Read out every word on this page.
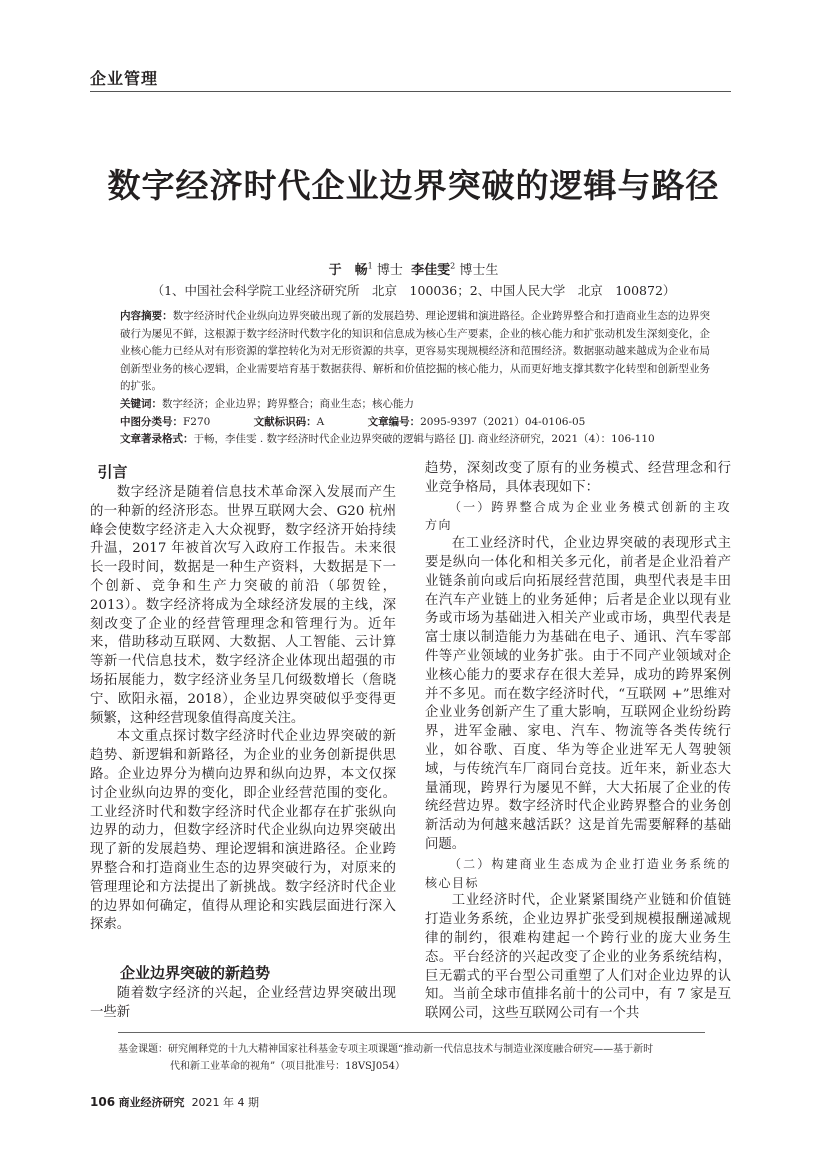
企业管理
数字经济时代企业边界突破的逻辑与路径
于　畅$^1$ 博士 李佳雯$^2$ 博士生
（1、中国社会科学院工业经济研究所　北京　100036；2、中国人民大学　北京　100872）
内容摘要：数字经济时代企业纵向边界突破出现了新的发展趋势、理论逻辑和演进路径。企业跨界整合和打造商业生态的边界突破行为屡见不鲜，这根源于数字经济时代数字化的知识和信息成为核心生产要素，企业的核心能力和扩张动机发生深刻变化，企业核心能力已经从对有形资源的掌控转化为对无形资源的共享，更容易实现规模经济和范围经济。数据驱动越来越成为企业布局创新型业务的核心逻辑，企业需要培育基于数据获得、解析和价值挖掘的核心能力，从而更好地支撑其数字化转型和创新型业务的扩张。
关键词：数字经济；企业边界；跨界整合；商业生态；核心能力
中图分类号：F270	文献标识码：A	文章编号：2095-9397（2021）04-0106-05
文章著录格式：于畅，李佳雯 . 数字经济时代企业边界突破的逻辑与路径 [J]. 商业经济研究，2021（4）：106-110
引言

数字经济是随着信息技术革命深入发展而产生的一种新的经济形态。世界互联网大会、G20 杭州峰会使数字经济走入大众视野，数字经济开始持续升温，2017 年被首次写入政府工作报告。未来很长一段时间，数据是一种生产资料，大数据是下一个创新、竞争和生产力突破的前沿（邬贺铨，2013）。数字经济将成为全球经济发展的主线，深刻改变了企业的经营管理理念和管理行为。近年来，借助移动互联网、大数据、人工智能、云计算等新一代信息技术，数字经济企业体现出超强的市场拓展能力，数字经济业务呈几何级数增长（詹晓宁、欧阳永福，2018），企业边界突破似乎变得更频繁，这种经营现象值得高度关注。

本文重点探讨数字经济时代企业边界突破的新趋势、新逻辑和新路径，为企业的业务创新提供思路。企业边界分为横向边界和纵向边界，本文仅探讨企业纵向边界的变化，即企业经营范围的变化。工业经济时代和数字经济时代企业都存在扩张纵向边界的动力，但数字经济时代企业纵向边界突破出现了新的发展趋势、理论逻辑和演进路径。企业跨界整合和打造商业生态的边界突破行为，对原来的管理理论和方法提出了新挑战。数字经济时代企业的边界如何确定，值得从理论和实践层面进行深入探索。

企业边界突破的新趋势

随着数字经济的兴起，企业经营边界突破出现一些新

趋势，深刻改变了原有的业务模式、经营理念和行业竞争格局，具体表现如下：

（一）跨界整合成为企业业务模式创新的主攻方向

在工业经济时代，企业边界突破的表现形式主要是纵向一体化和相关多元化，前者是企业沿着产业链条前向或后向拓展经营范围，典型代表是丰田在汽车产业链上的业务延伸；后者是企业以现有业务或市场为基础进入相关产业或市场，典型代表是富士康以制造能力为基础在电子、通讯、汽车零部件等产业领域的业务扩张。由于不同产业领域对企业核心能力的要求存在很大差异，成功的跨界案例并不多见。而在数字经济时代，“互联网 +”思维对企业业务创新产生了重大影响，互联网企业纷纷跨界，进军金融、家电、汽车、物流等各类传统行业，如谷歌、百度、华为等企业进军无人驾驶领域，与传统汽车厂商同台竞技。近年来，新业态大量涌现，跨界行为屡见不鲜，大大拓展了企业的传统经营边界。数字经济时代企业跨界整合的业务创新活动为何越来越活跃？这是首先需要解释的基础问题。

（二）构建商业生态成为企业打造业务系统的核心目标

工业经济时代，企业紧紧围绕产业链和价值链打造业务系统，企业边界扩张受到规模报酬递减规律的制约，很难构建起一个跨行业的庞大业务生态。平台经济的兴起改变了企业的业务系统结构，巨无霸式的平台型公司重塑了人们对企业边界的认知。当前全球市值排名前十的公司中，有 7 家是互联网公司，这些互联网公司有一个共

基金课题：研究阐释党的十九大精神国家社科基金专项主项课题“推动新一代信息技术与制造业深度融合研究——基于新时
代和新工业革命的视角”（项目批准号：18VSJ054）
106 商业经济研究 2021 年 4 期
